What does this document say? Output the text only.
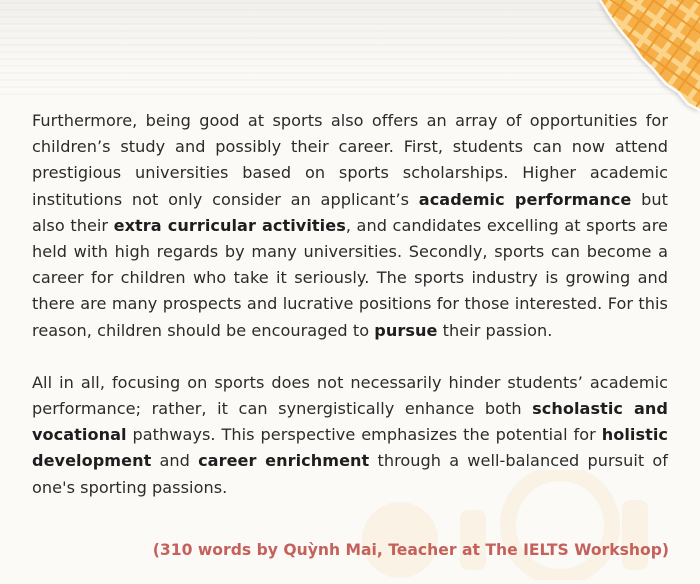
Furthermore, being good at sports also offers an array of opportunities for children’s study and possibly their career. First, students can now attend prestigious universities based on sports scholarships. Higher academic institutions not only consider an applicant’s academic performance but also their extra curricular activities, and candidates excelling at sports are held with high regards by many universities. Secondly, sports can become a career for children who take it seriously. The sports industry is growing and there are many prospects and lucrative positions for those interested. For this reason, children should be encouraged to pursue their passion.

All in all, focusing on sports does not necessarily hinder students’ academic performance; rather, it can synergistically enhance both scholastic and vocational pathways. This perspective emphasizes the potential for holistic development and career enrichment through a well-balanced pursuit of one's sporting passions.

(310 words by Quỳnh Mai, Teacher at The IELTS Workshop)
